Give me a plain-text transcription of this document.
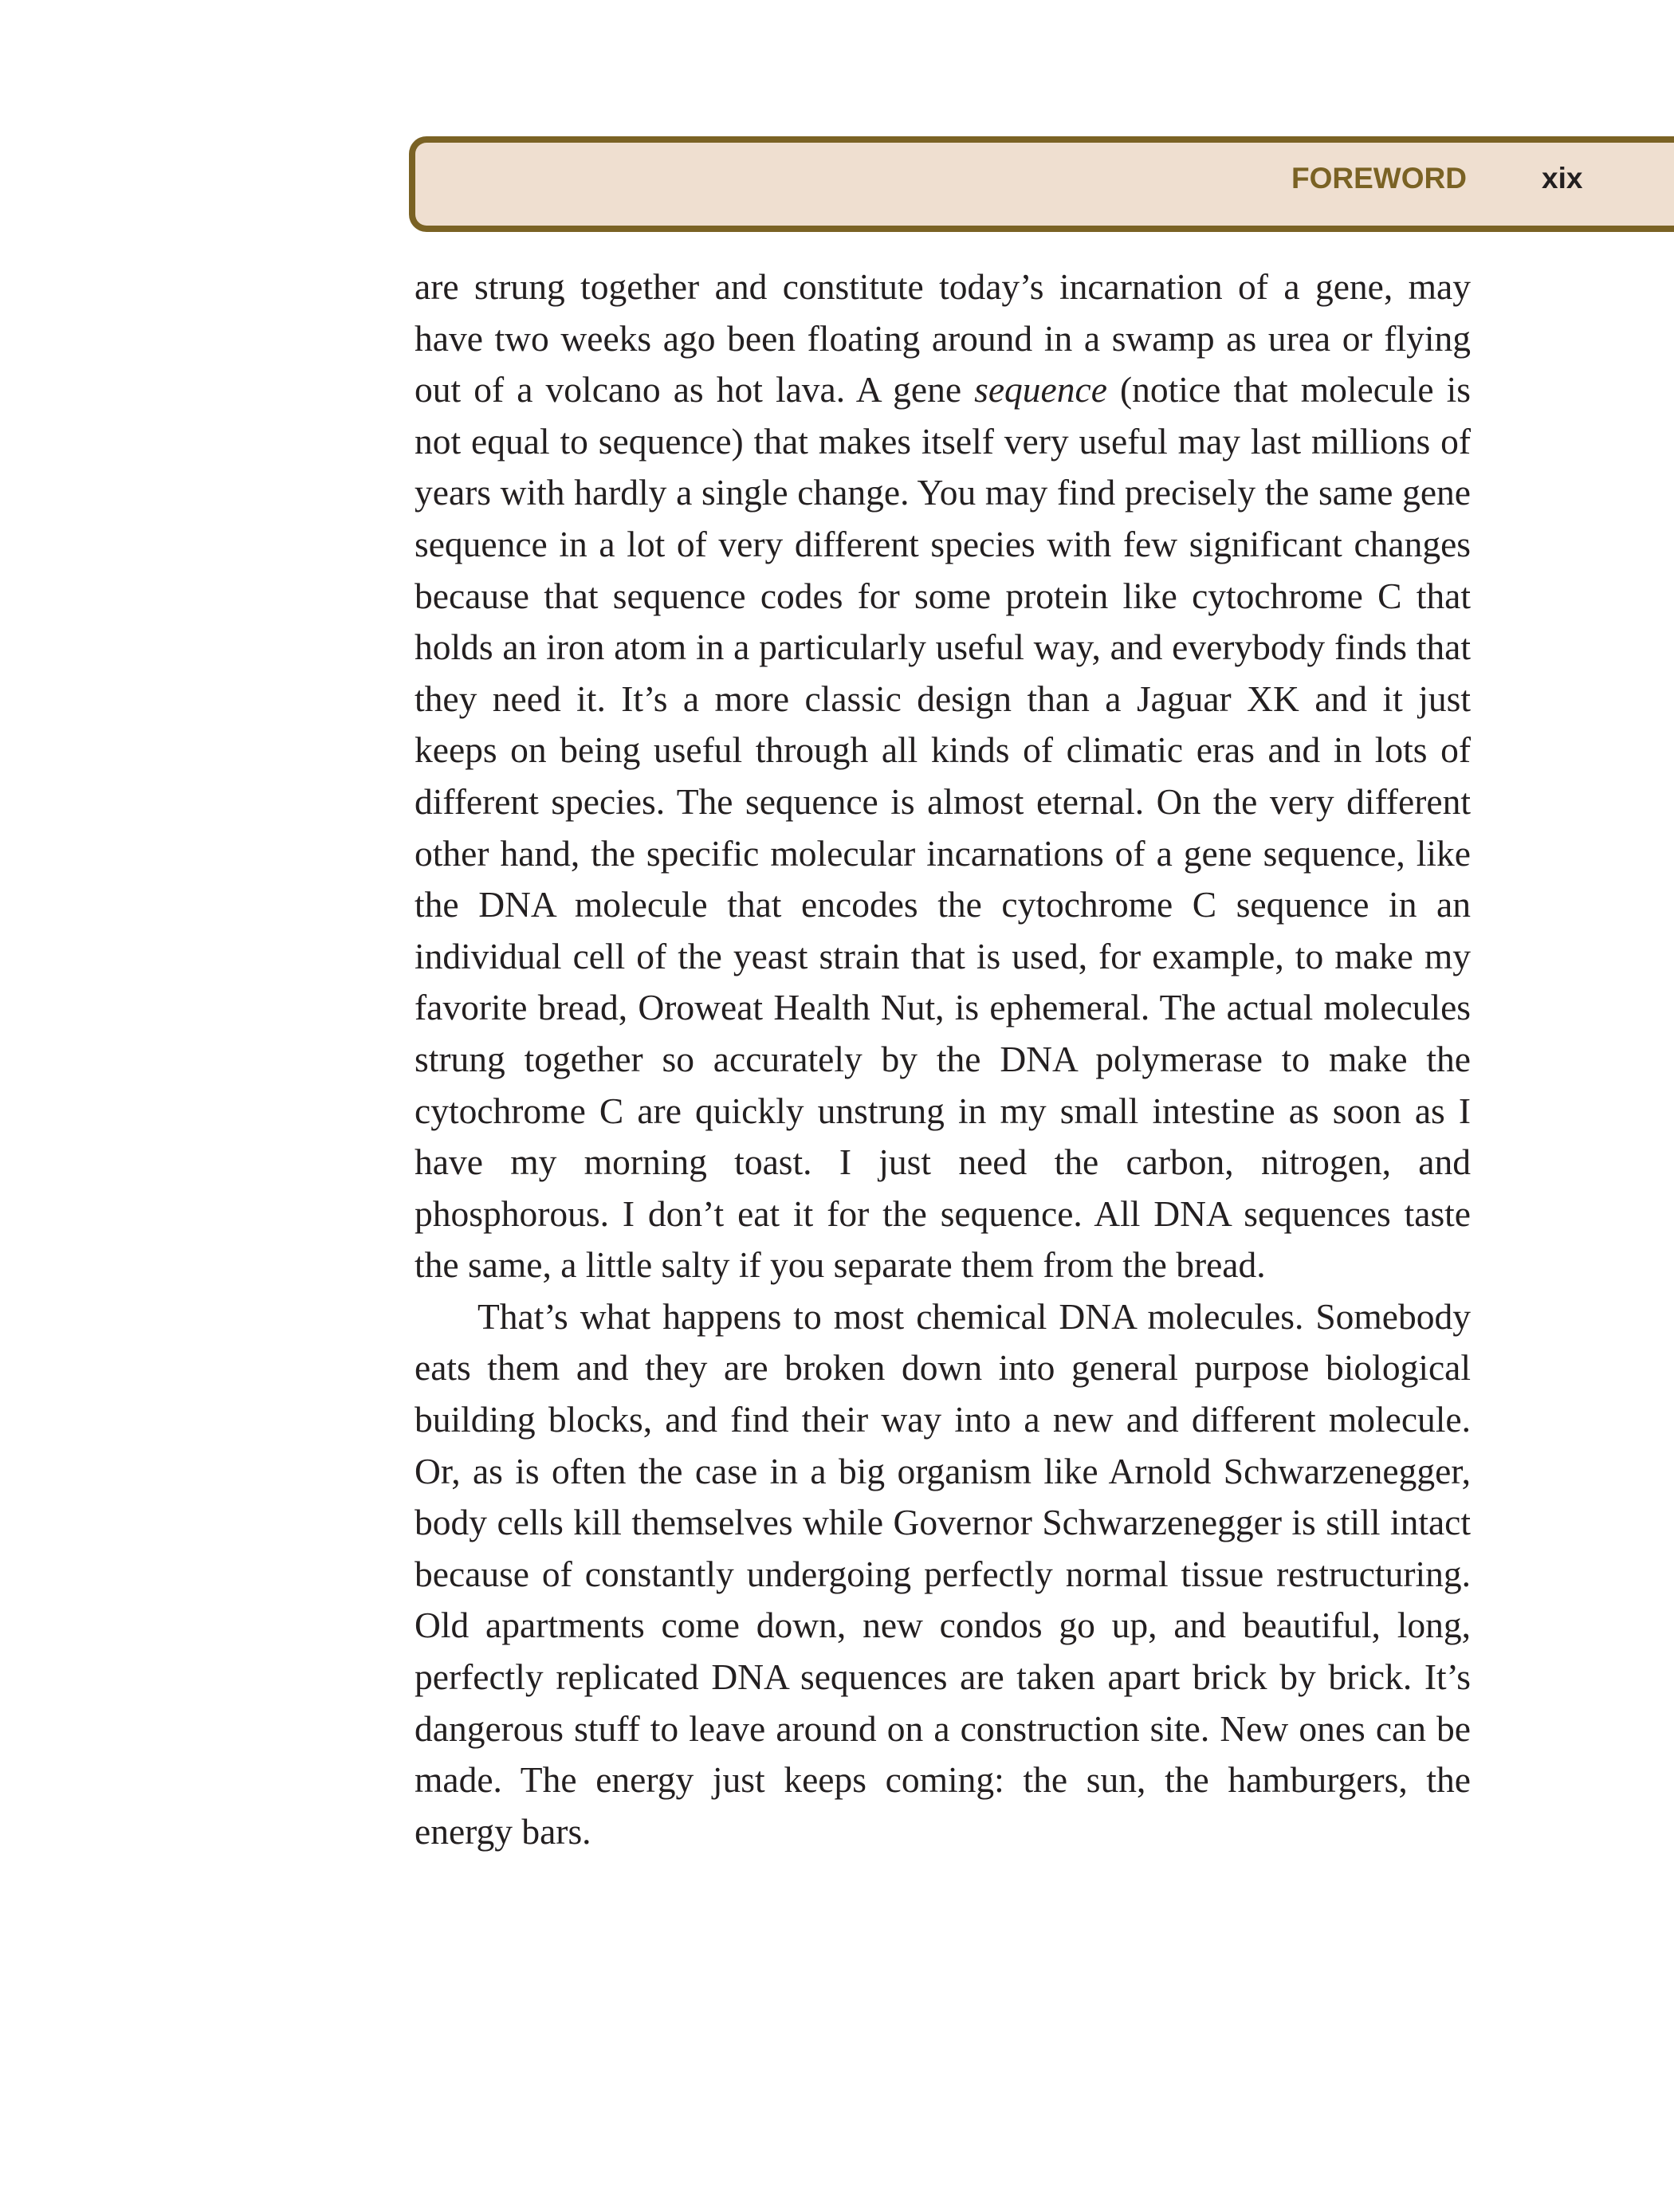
FOREWORD	xix

are strung together and constitute today’s incarnation of a gene, may have two weeks ago been floating around in a swamp as urea or flying out of a volcano as hot lava. A gene sequence (notice that molecule is not equal to sequence) that makes itself very useful may last millions of years with hardly a single change. You may find precisely the same gene sequence in a lot of very different species with few significant changes because that sequence codes for some protein like cytochrome C that holds an iron atom in a particularly useful way, and everybody finds that they need it. It’s a more classic design than a Jaguar XK and it just keeps on being useful through all kinds of climatic eras and in lots of different species. The sequence is almost eternal. On the very different other hand, the specific molecular incarnations of a gene sequence, like the DNA molecule that encodes the cytochrome C sequence in an individual cell of the yeast strain that is used, for example, to make my favorite bread, Oroweat Health Nut, is ephemeral. The actual molecules strung together so accurately by the DNA polymerase to make the cytochrome C are quickly unstrung in my small intestine as soon as I have my morning toast. I just need the carbon, nitrogen, and phosphorous. I don’t eat it for the sequence. All DNA sequences taste the same, a little salty if you separate them from the bread.

That’s what happens to most chemical DNA molecules. Somebody eats them and they are broken down into general purpose biological building blocks, and find their way into a new and different molecule. Or, as is often the case in a big organism like Arnold Schwarzenegger, body cells kill themselves while Governor Schwarzenegger is still intact because of constantly undergoing perfectly normal tissue restructuring. Old apartments come down, new condos go up, and beautiful, long, perfectly replicated DNA sequences are taken apart brick by brick. It’s dangerous stuff to leave around on a construction site. New ones can be made. The energy just keeps coming: the sun, the hamburgers, the energy bars.
